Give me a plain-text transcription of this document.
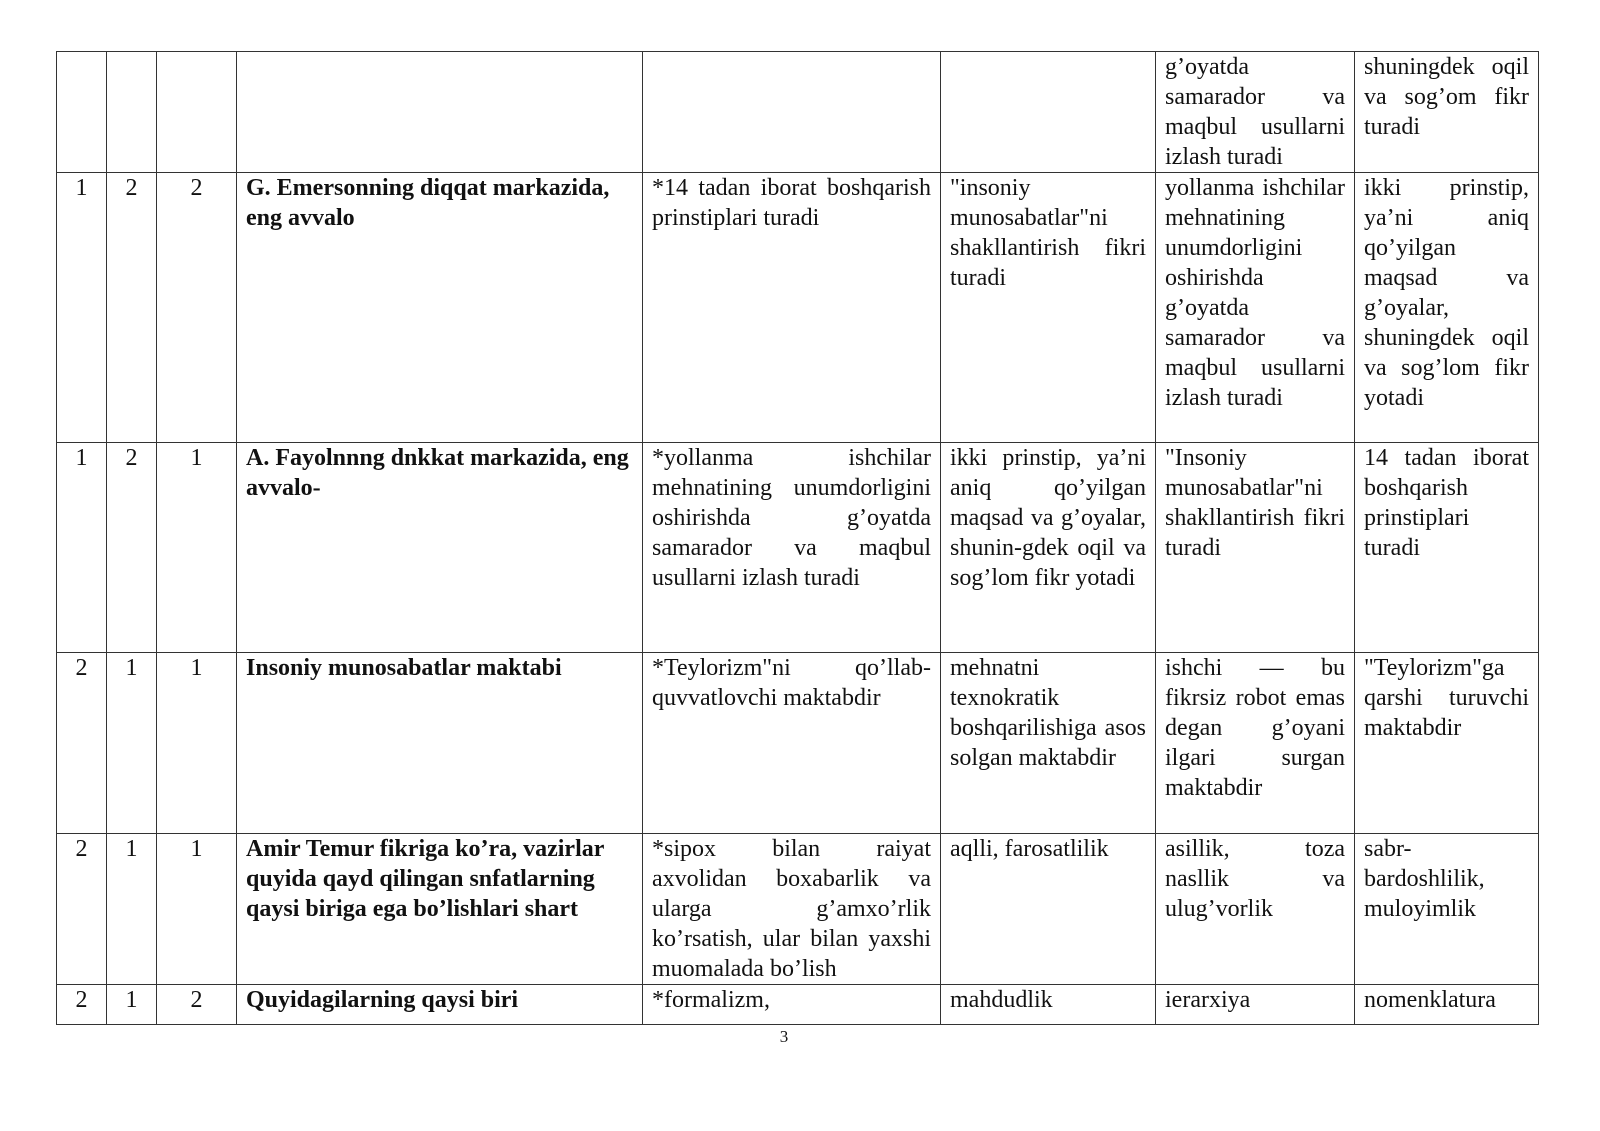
						g’oyatda samarador va maqbul usullarni izlash turadi	shuningdek oqil va sog’om fikr turadi
1	2	2	G. Emersonning diqqat markazida, eng avvalo	*14 tadan iborat boshqarish prinstiplari turadi	"insoniy munosabatlar"ni shakllantirish fikri turadi	yollanma ishchilar mehnatining unumdorligini oshirishda g’oyatda samarador va maqbul usullarni izlash turadi	ikki prinstip, ya’ni aniq qo’yilgan maqsad va g’oyalar, shuningdek oqil va sog’lom fikr yotadi
1	2	1	A. Fayolnnng dnkkat markazida, eng avvalo-	*yollanma ishchilar mehnatining unumdorligini oshirishda g’oyatda samarador va maqbul usullarni izlash turadi	ikki prinstip, ya’ni aniq qo’yilgan maqsad va g’oyalar, shunin-gdek oqil va sog’lom fikr yotadi	"Insoniy munosabatlar"ni shakllantirish fikri turadi	14 tadan iborat boshqarish prinstiplari turadi
2	1	1	Insoniy munosabatlar maktabi	*Teylorizm"ni qo’llab-quvvatlovchi maktabdir	mehnatni texnokratik boshqarilishiga asos solgan maktabdir	ishchi — bu fikrsiz robot emas degan g’oyani ilgari surgan maktabdir	"Teylorizm"ga qarshi turuvchi maktabdir
2	1	1	Amir Temur fikriga ko’ra, vazirlar quyida qayd qilingan snfatlarning qaysi biriga ega bo’lishlari shart	*sipox bilan raiyat axvolidan boxabarlik va ularga g’amxo’rlik ko’rsatish, ular bilan yaxshi muomalada bo’lish	aqlli, farosatlilik	asillik, toza nasllik va ulug’vorlik	sabr-bardoshlilik, muloyimlik
2	1	2	Quyidagilarning qaysi biri	*formalizm,	mahdudlik	ierarxiya	nomenklatura
3
